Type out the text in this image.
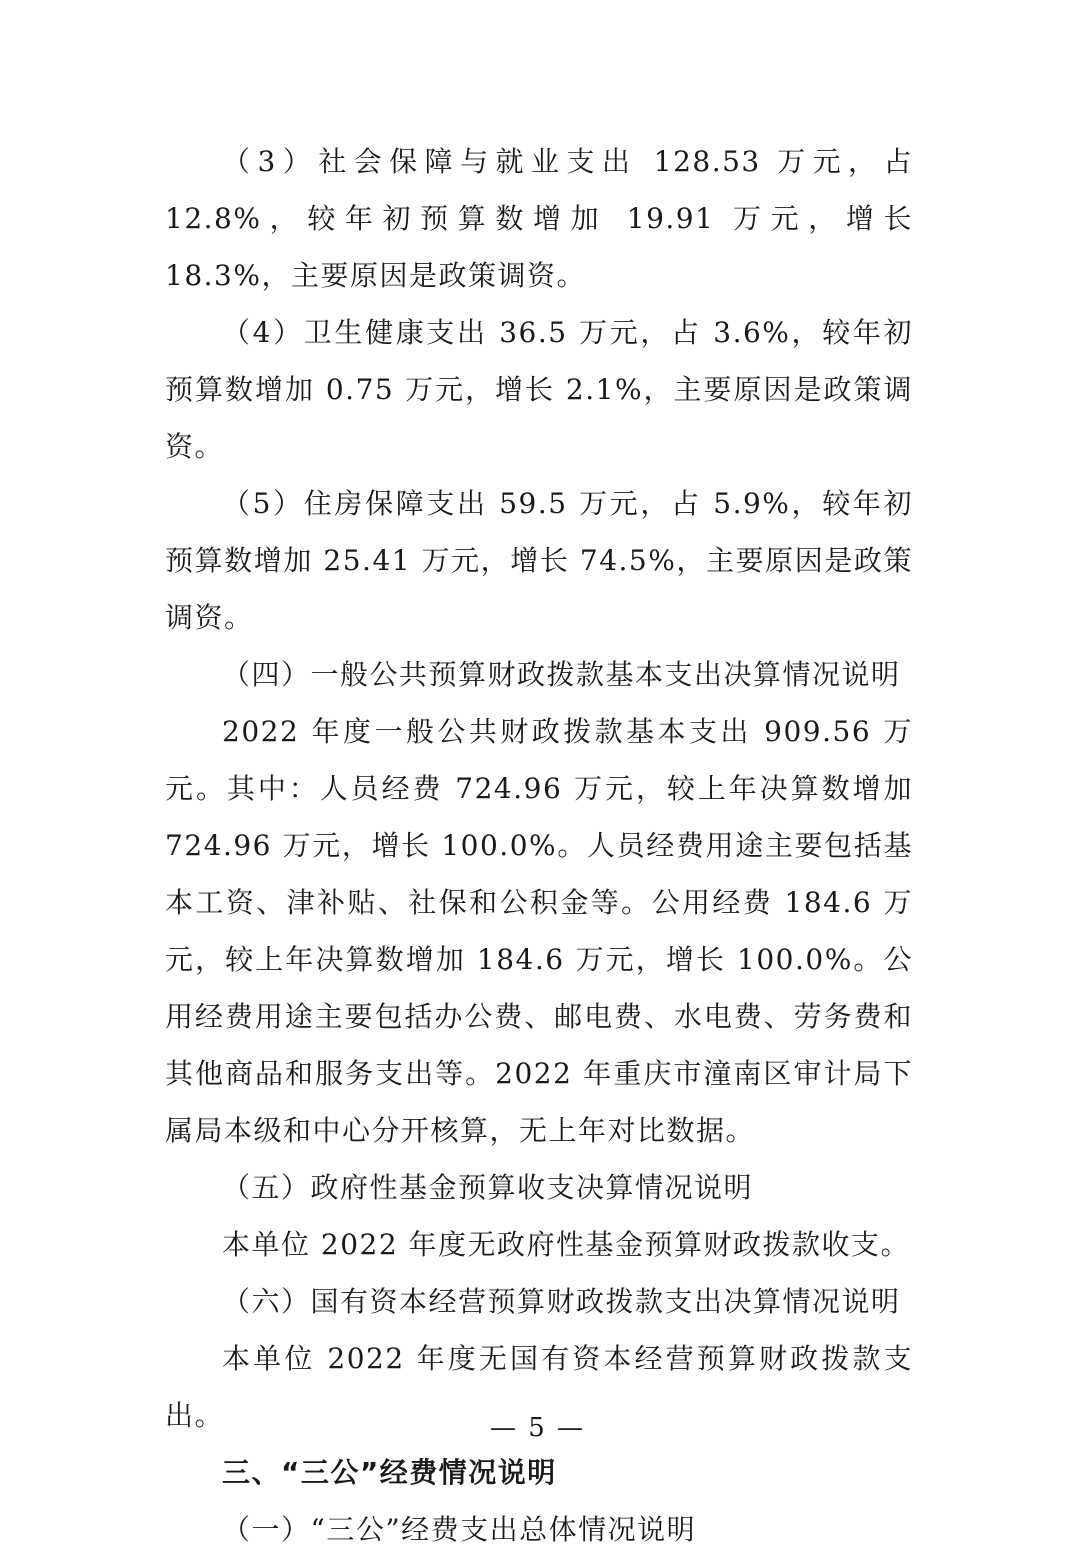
（3）社会保障与就业支出 128.53 万元，占 12.8%，较年初预算数增加 19.91 万元，增长 18.3%，主要原因是政策调资。

（4）卫生健康支出 36.5 万元，占 3.6%，较年初预算数增加 0.75 万元，增长 2.1%，主要原因是政策调资。

（5）住房保障支出 59.5 万元，占 5.9%，较年初预算数增加 25.41 万元，增长 74.5%，主要原因是政策调资。

（四）一般公共预算财政拨款基本支出决算情况说明

2022 年度一般公共财政拨款基本支出 909.56 万元。其中：人员经费 724.96 万元，较上年决算数增加 724.96 万元，增长 100.0%。人员经费用途主要包括基本工资、津补贴、社保和公积金等。公用经费 184.6 万元，较上年决算数增加 184.6 万元，增长 100.0%。公用经费用途主要包括办公费、邮电费、水电费、劳务费和其他商品和服务支出等。2022 年重庆市潼南区审计局下属局本级和中心分开核算，无上年对比数据。

（五）政府性基金预算收支决算情况说明

本单位 2022 年度无政府性基金预算财政拨款收支。

（六）国有资本经营预算财政拨款支出决算情况说明

本单位 2022 年度无国有资本经营预算财政拨款支出。

三、“三公”经费情况说明

（一）“三公”经费支出总体情况说明

— 5 —
